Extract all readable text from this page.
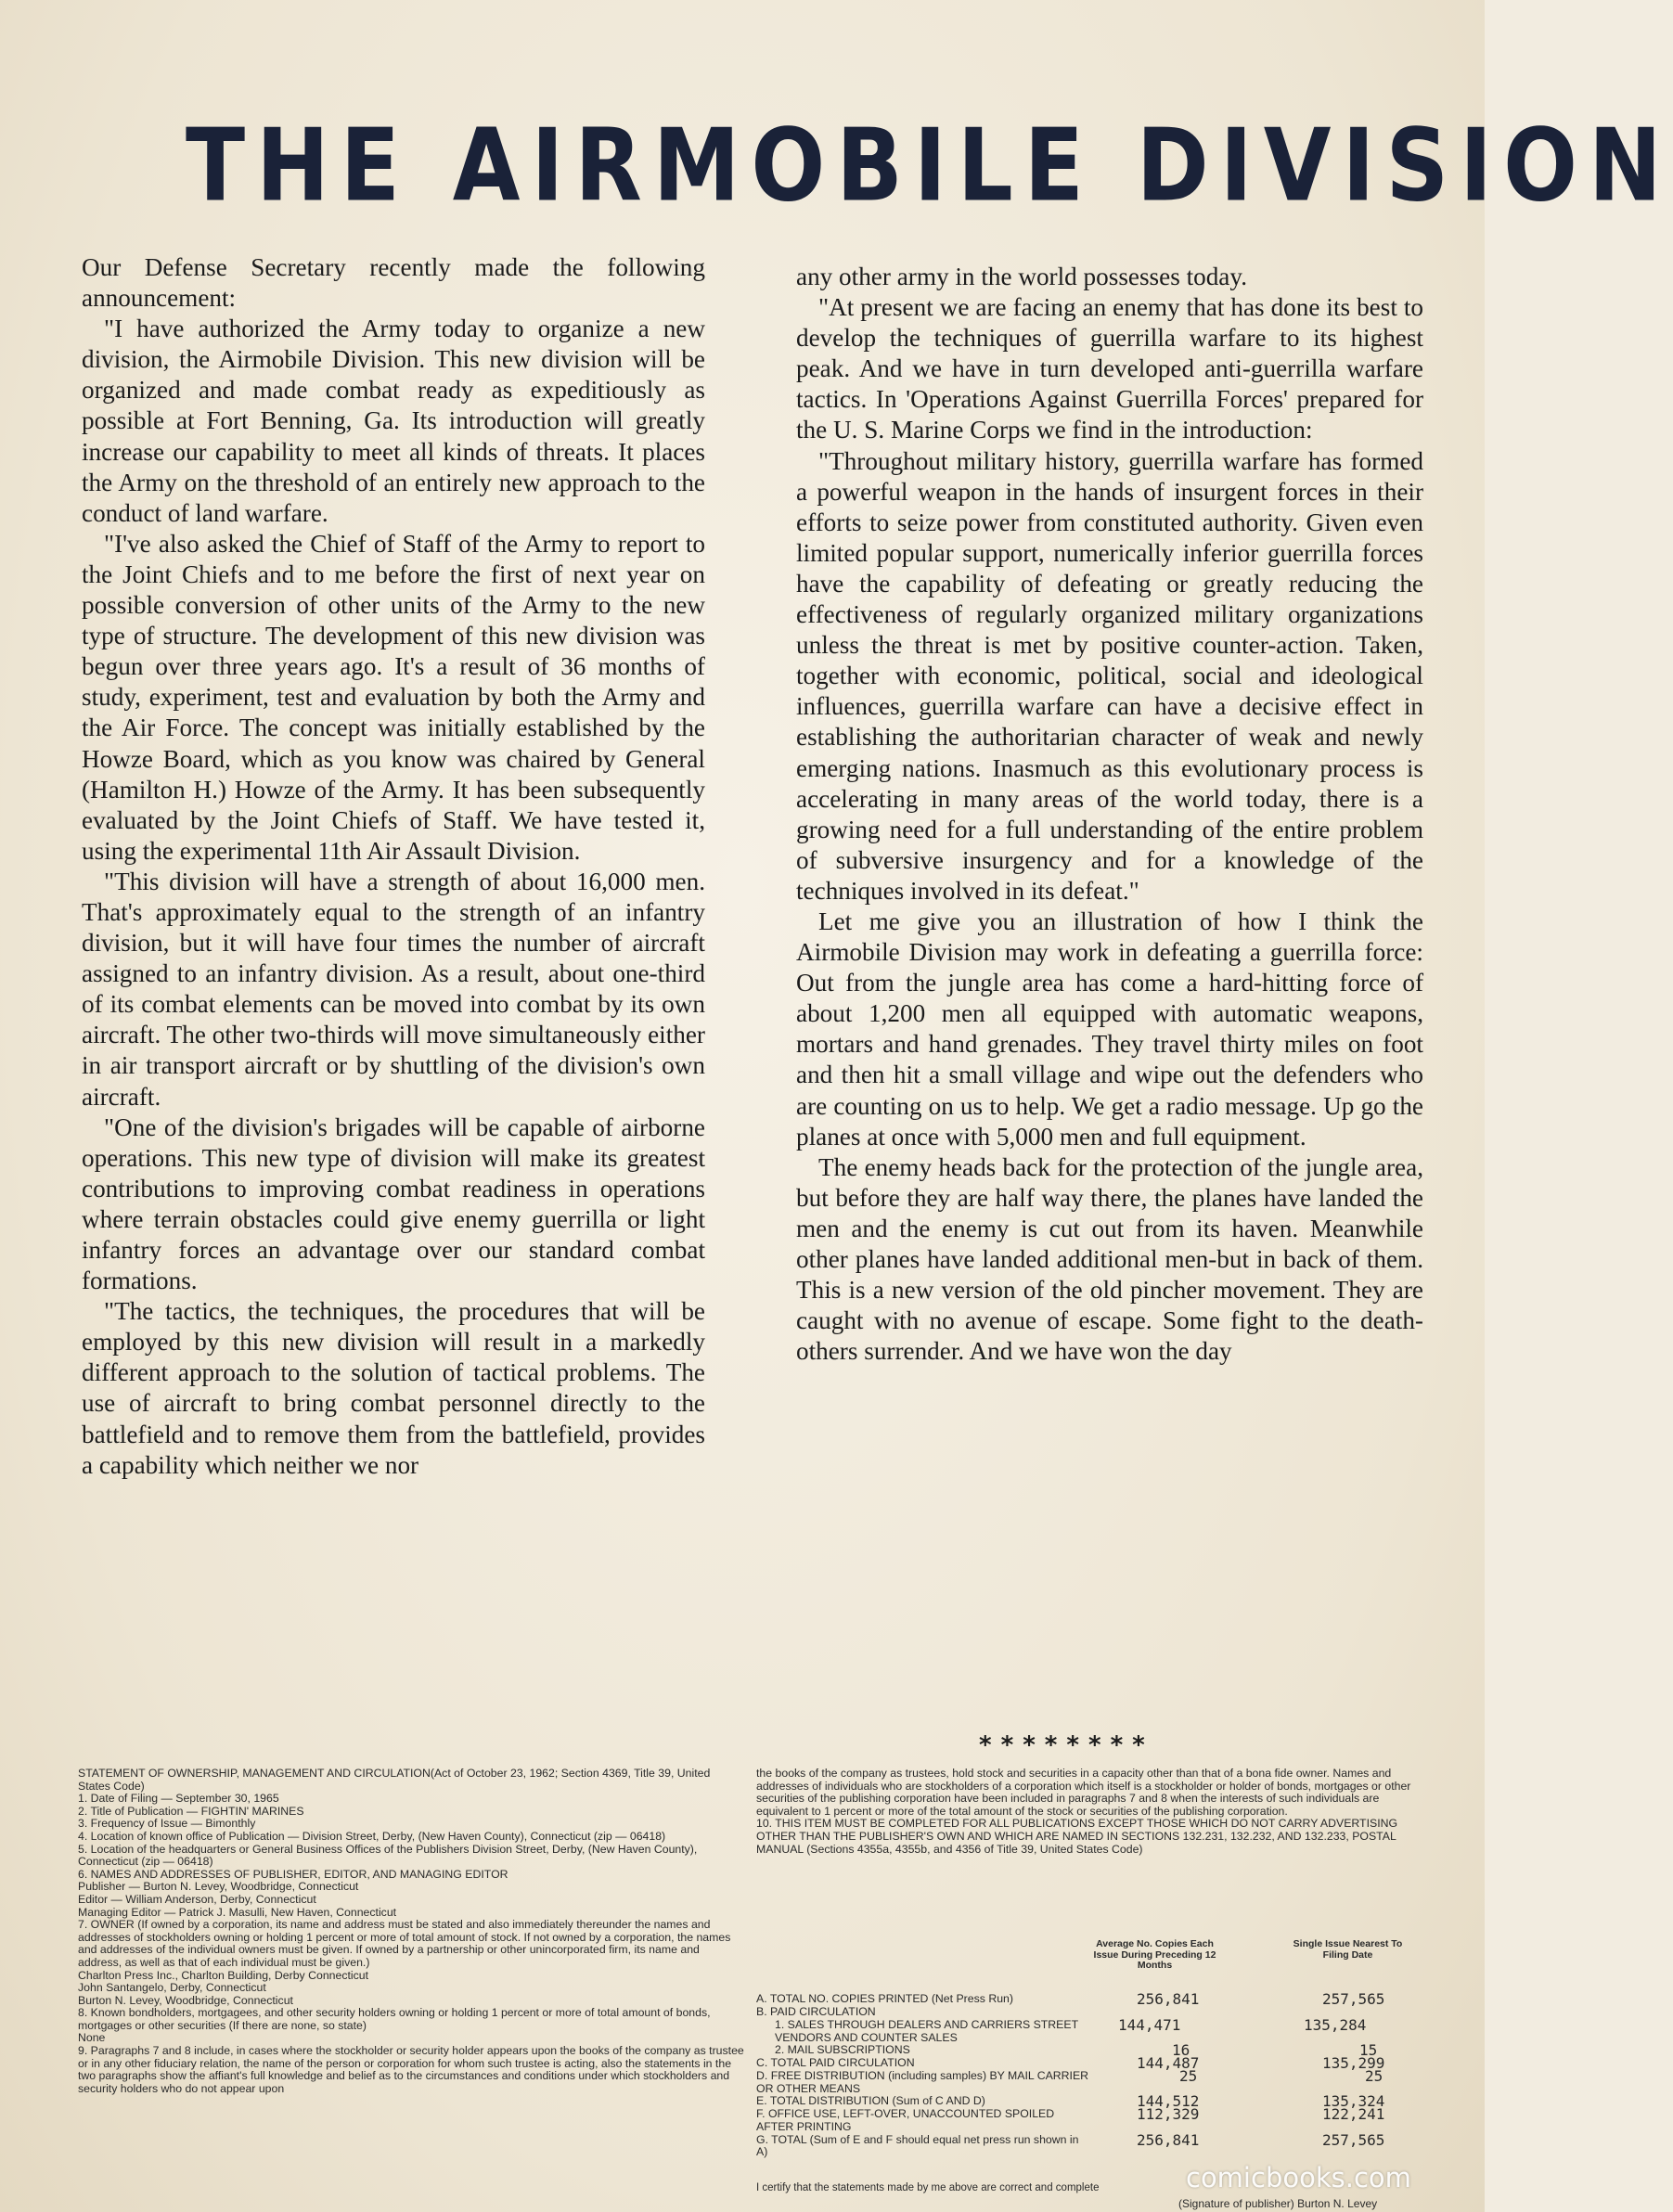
THE AIRMOBILE DIVISION

Our Defense Secretary recently made the following announcement:

"I have authorized the Army today to organize a new division, the Airmobile Division. This new division will be organized and made combat ready as expeditiously as possible at Fort Benning, Ga. Its introduction will greatly increase our capability to meet all kinds of threats. It places the Army on the threshold of an entirely new approach to the conduct of land warfare.

"I've also asked the Chief of Staff of the Army to report to the Joint Chiefs and to me before the first of next year on possible conversion of other units of the Army to the new type of structure. The development of this new division was begun over three years ago. It's a result of 36 months of study, experiment, test and evaluation by both the Army and the Air Force. The concept was initially established by the Howze Board, which as you know was chaired by General (Hamilton H.) Howze of the Army. It has been subsequently evaluated by the Joint Chiefs of Staff. We have tested it, using the experimental 11th Air Assault Division.

"This division will have a strength of about 16,000 men. That's approximately equal to the strength of an infantry division, but it will have four times the number of aircraft assigned to an infantry division. As a result, about one-third of its combat elements can be moved into combat by its own aircraft. The other two-thirds will move simultaneously either in air transport aircraft or by shuttling of the division's own aircraft.

"One of the division's brigades will be capable of airborne operations. This new type of division will make its greatest contributions to improving combat readiness in operations where terrain obstacles could give enemy guerrilla or light infantry forces an advantage over our standard combat formations.

"The tactics, the techniques, the procedures that will be employed by this new division will result in a markedly different approach to the solution of tactical problems. The use of aircraft to bring combat personnel directly to the battlefield and to remove them from the battlefield, provides a capability which neither we nor

any other army in the world possesses today.

"At present we are facing an enemy that has done its best to develop the techniques of guerrilla warfare to its highest peak. And we have in turn developed anti-guerrilla warfare tactics. In 'Operations Against Guerrilla Forces' prepared for the U. S. Marine Corps we find in the introduction:

"Throughout military history, guerrilla warfare has formed a powerful weapon in the hands of insurgent forces in their efforts to seize power from constituted authority. Given even limited popular support, numerically inferior guerrilla forces have the capability of defeating or greatly reducing the effectiveness of regularly organized military organizations unless the threat is met by positive counter-action. Taken, together with economic, political, social and ideological influences, guerrilla warfare can have a decisive effect in establishing the authoritarian character of weak and newly emerging nations. Inasmuch as this evolutionary process is accelerating in many areas of the world today, there is a growing need for a full understanding of the entire problem of subversive insurgency and for a knowledge of the techniques involved in its defeat."

Let me give you an illustration of how I think the Airmobile Division may work in defeating a guerrilla force: Out from the jungle area has come a hard-hitting force of about 1,200 men all equipped with automatic weapons, mortars and hand grenades. They travel thirty miles on foot and then hit a small village and wipe out the defenders who are counting on us to help. We get a radio message. Up go the planes at once with 5,000 men and full equipment.

The enemy heads back for the protection of the jungle area, but before they are half way there, the planes have landed the men and the enemy is cut out from its haven. Meanwhile other planes have landed additional men-but in back of them. This is a new version of the old pincher movement. They are caught with no avenue of escape. Some fight to the death-others surrender. And we have won the day

********

STATEMENT OF OWNERSHIP, MANAGEMENT AND CIRCULATION(Act of October 23, 1962; Section 4369, Title 39, United States Code)

1. Date of Filing — September 30, 1965

2. Title of Publication — FIGHTIN' MARINES

3. Frequency of Issue — Bimonthly

4. Location of known office of Publication — Division Street, Derby, (New Haven County), Connecticut (zip — 06418)

5. Location of the headquarters or General Business Offices of the Publishers Division Street, Derby, (New Haven County), Connecticut (zip — 06418)

6. NAMES AND ADDRESSES OF PUBLISHER, EDITOR, AND MANAGING EDITOR

Publisher — Burton N. Levey, Woodbridge, Connecticut

Editor — William Anderson, Derby, Connecticut

Managing Editor — Patrick J. Masulli, New Haven, Connecticut

7. OWNER (If owned by a corporation, its name and address must be stated and also immediately thereunder the names and addresses of stockholders owning or holding 1 percent or more of total amount of stock. If not owned by a corporation, the names and addresses of the individual owners must be given. If owned by a partnership or other unincorporated firm, its name and address, as well as that of each individual must be given.)

Charlton Press Inc., Charlton Building, Derby Connecticut

John Santangelo, Derby, Connecticut

Burton N. Levey, Woodbridge, Connecticut

8. Known bondholders, mortgagees, and other security holders owning or holding 1 percent or more of total amount of bonds, mortgages or other securities (If there are none, so state)

None

9. Paragraphs 7 and 8 include, in cases where the stockholder or security holder appears upon the books of the company as trustee or in any other fiduciary relation, the name of the person or corporation for whom such trustee is acting, also the statements in the two paragraphs show the affiant's full knowledge and belief as to the circumstances and conditions under which stockholders and security holders who do not appear upon

the books of the company as trustees, hold stock and securities in a capacity other than that of a bona fide owner. Names and addresses of individuals who are stockholders of a corporation which itself is a stockholder or holder of bonds, mortgages or other securities of the publishing corporation have been included in paragraphs 7 and 8 when the interests of such individuals are equivalent to 1 percent or more of the total amount of the stock or securities of the publishing corporation.

10. THIS ITEM MUST BE COMPLETED FOR ALL PUBLICATIONS EXCEPT THOSE WHICH DO NOT CARRY ADVERTISING OTHER THAN THE PUBLISHER'S OWN AND WHICH ARE NAMED IN SECTIONS 132.231, 132.232, AND 132.233, POSTAL MANUAL (Sections 4355a, 4355b, and 4356 of Title 39, United States Code)

Average No. Copies Each Issue During Preceding 12 Months
Single Issue Nearest To Filing Date
A. TOTAL NO. COPIES PRINTED (Net Press Run)	256,841	257,565
B. PAID CIRCULATION
1. SALES THROUGH DEALERS AND CARRIERS STREET VENDORS AND COUNTER SALES
144,471	135,284
2. MAIL SUBSCRIPTIONS	16	15
C. TOTAL PAID CIRCULATION	144,487	135,299
D. FREE DISTRIBUTION (including samples) BY MAIL CARRIER OR OTHER MEANS
25	25
E. TOTAL DISTRIBUTION (Sum of C AND D)	144,512	135,324
F. OFFICE USE, LEFT-OVER, UNACCOUNTED SPOILED AFTER PRINTING
112,329	122,241
G. TOTAL (Sum of E and F should equal net press run shown in A)
256,841	257,565
I certify that the statements made by me above are correct and complete
(Signature of publisher) Burton N. Levey
comicbooks.com
